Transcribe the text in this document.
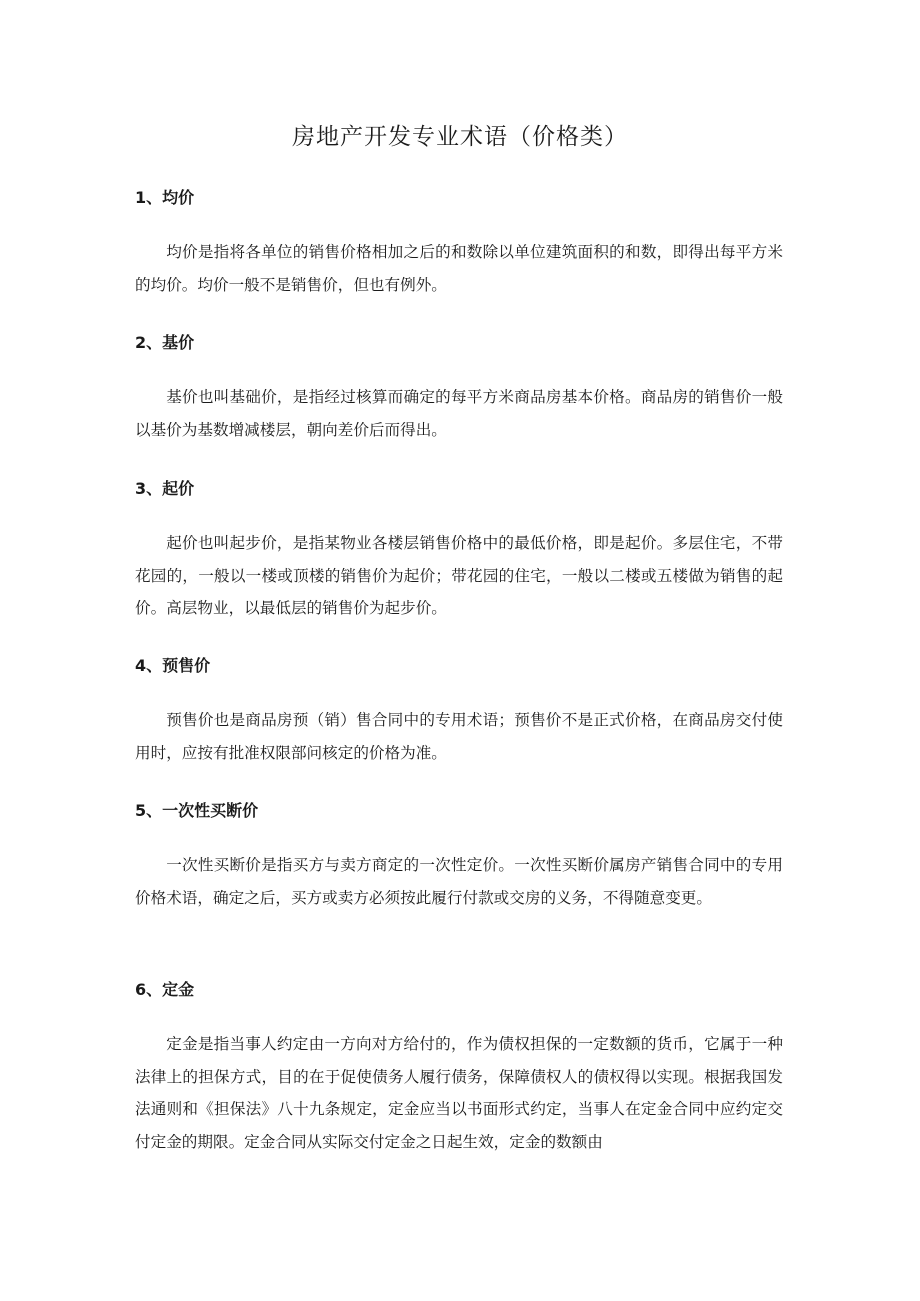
房地产开发专业术语（价格类）
1、均价

均价是指将各单位的销售价格相加之后的和数除以单位建筑面积的和数，即得出每平方米的均价。均价一般不是销售价，但也有例外。

2、基价

基价也叫基础价，是指经过核算而确定的每平方米商品房基本价格。商品房的销售价一般以基价为基数增减楼层，朝向差价后而得出。

3、起价

起价也叫起步价，是指某物业各楼层销售价格中的最低价格，即是起价。多层住宅，不带花园的，一般以一楼或顶楼的销售价为起价；带花园的住宅，一般以二楼或五楼做为销售的起价。高层物业，以最低层的销售价为起步价。

4、预售价

预售价也是商品房预（销）售合同中的专用术语；预售价不是正式价格，在商品房交付使用时，应按有批准权限部问核定的价格为准。

5、一次性买断价

一次性买断价是指买方与卖方商定的一次性定价。一次性买断价属房产销售合同中的专用价格术语，确定之后，买方或卖方必须按此履行付款或交房的义务，不得随意变更。

6、定金

定金是指当事人约定由一方向对方给付的，作为债权担保的一定数额的货币，它属于一种法律上的担保方式，目的在于促使债务人履行债务，保障债权人的债权得以实现。根据我国发法通则和《担保法》八十九条规定，定金应当以书面形式约定，当事人在定金合同中应约定交付定金的期限。定金合同从实际交付定金之日起生效，定金的数额由
